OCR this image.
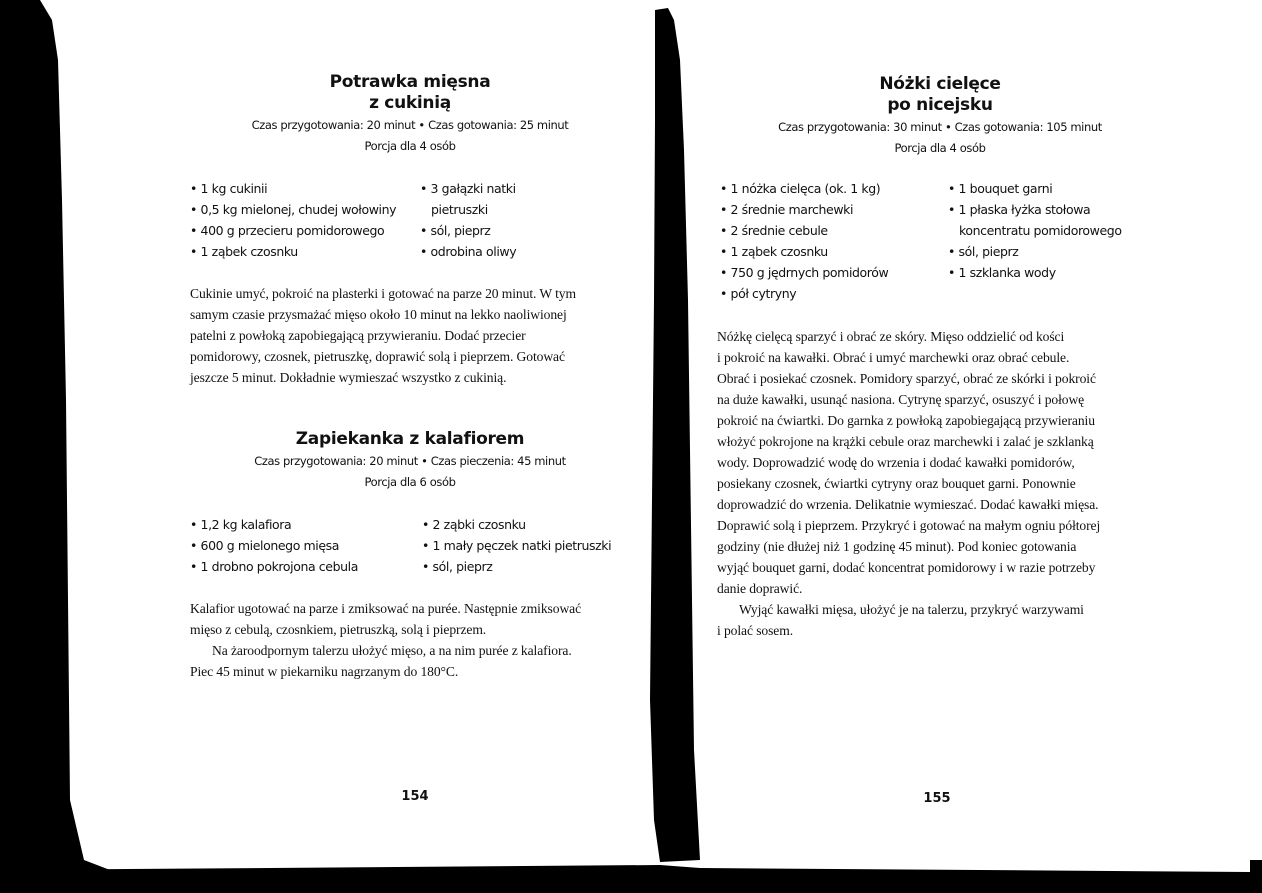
Potrawka mięsna
z cukinią
Czas przygotowania: 20 minut • Czas gotowania: 25 minut
Porcja dla 4 osób
• 1 kg cukinii
• 0,5 kg mielonej, chudej wołowiny
• 400 g przecieru pomidorowego
• 1 ząbek czosnku
• 3 gałązki natki
pietruszki
• sól, pieprz
• odrobina oliwy
Cukinie umyć, pokroić na plasterki i gotować na parze 20 minut. W tym
samym czasie przysmażać mięso około 10 minut na lekko naoliwionej
patelni z powłoką zapobiegającą przywieraniu. Dodać przecier
pomidorowy, czosnek, pietruszkę, doprawić solą i pieprzem. Gotować
jeszcze 5 minut. Dokładnie wymieszać wszystko z cukinią.
Zapiekanka z kalafiorem
Czas przygotowania: 20 minut • Czas pieczenia: 45 minut
Porcja dla 6 osób
• 1,2 kg kalafiora
• 600 g mielonego mięsa
• 1 drobno pokrojona cebula
• 2 ząbki czosnku
• 1 mały pęczek natki pietruszki
• sól, pieprz
Kalafior ugotować na parze i zmiksować na purée. Następnie zmiksować
mięso z cebulą, czosnkiem, pietruszką, solą i pieprzem.
Na żaroodpornym talerzu ułożyć mięso, a na nim purée z kalafiora.
Piec 45 minut w piekarniku nagrzanym do 180°C.
154
Nóżki cielęce
po nicejsku
Czas przygotowania: 30 minut • Czas gotowania: 105 minut
Porcja dla 4 osób
• 1 nóżka cielęca (ok. 1 kg)
• 2 średnie marchewki
• 2 średnie cebule
• 1 ząbek czosnku
• 750 g jędrnych pomidorów
• pół cytryny
• 1 bouquet garni
• 1 płaska łyżka stołowa
koncentratu pomidorowego
• sól, pieprz
• 1 szklanka wody
Nóżkę cielęcą sparzyć i obrać ze skóry. Mięso oddzielić od kości
i pokroić na kawałki. Obrać i umyć marchewki oraz obrać cebule.
Obrać i posiekać czosnek. Pomidory sparzyć, obrać ze skórki i pokroić
na duże kawałki, usunąć nasiona. Cytrynę sparzyć, osuszyć i połowę
pokroić na ćwiartki. Do garnka z powłoką zapobiegającą przywieraniu
włożyć pokrojone na krążki cebule oraz marchewki i zalać je szklanką
wody. Doprowadzić wodę do wrzenia i dodać kawałki pomidorów,
posiekany czosnek, ćwiartki cytryny oraz bouquet garni. Ponownie
doprowadzić do wrzenia. Delikatnie wymieszać. Dodać kawałki mięsa.
Doprawić solą i pieprzem. Przykryć i gotować na małym ogniu półtorej
godziny (nie dłużej niż 1 godzinę 45 minut). Pod koniec gotowania
wyjąć bouquet garni, dodać koncentrat pomidorowy i w razie potrzeby
danie doprawić.
Wyjąć kawałki mięsa, ułożyć je na talerzu, przykryć warzywami
i polać sosem.
155
